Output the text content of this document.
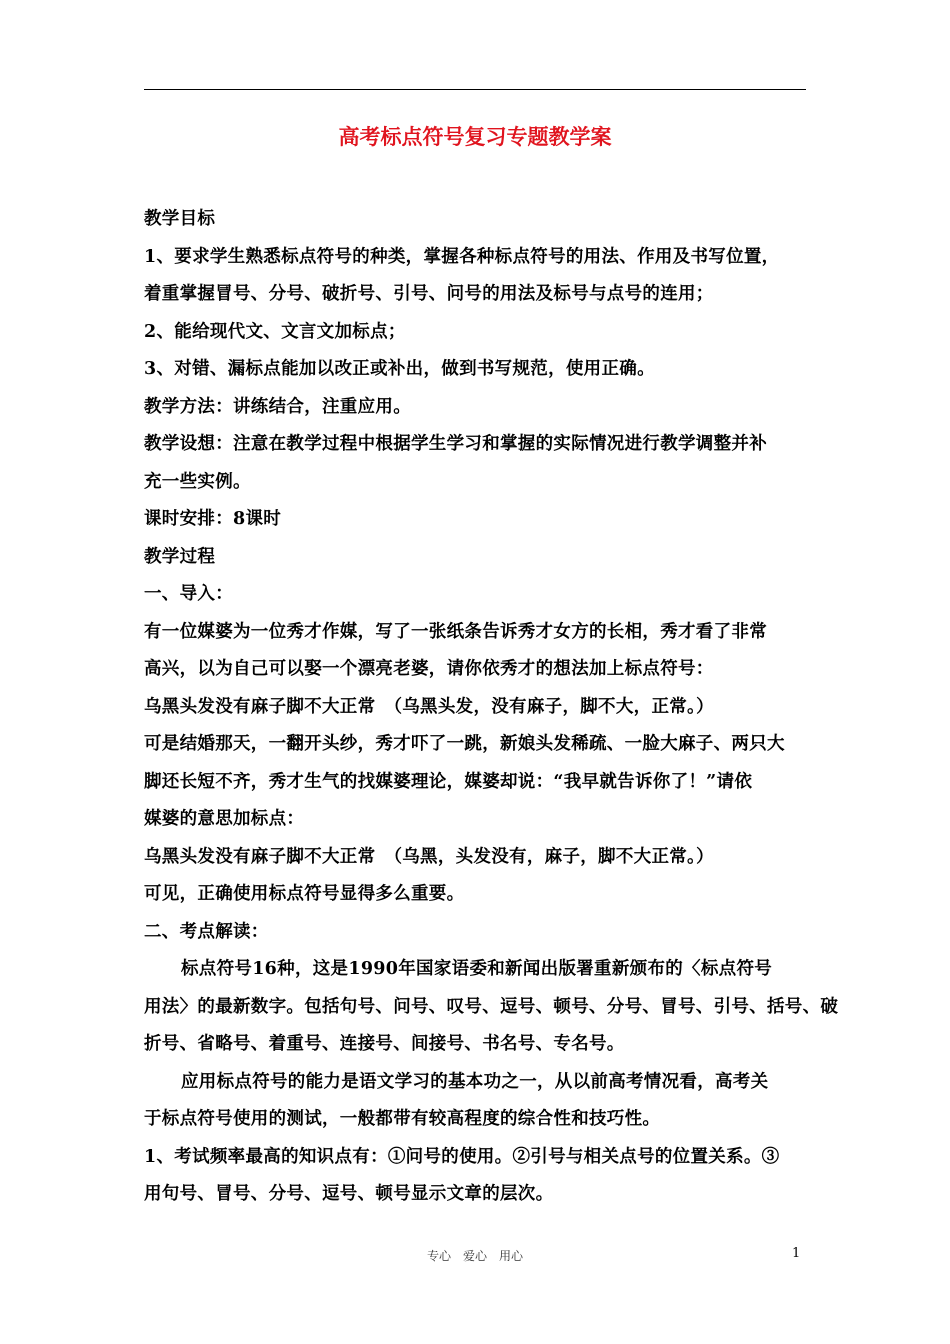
高考标点符号复习专题教学案
教学目标
1、要求学生熟悉标点符号的种类，掌握各种标点符号的用法、作用及书写位置，
着重掌握冒号、分号、破折号、引号、问号的用法及标号与点号的连用；
2、能给现代文、文言文加标点；
3、对错、漏标点能加以改正或补出，做到书写规范，使用正确。
教学方法：讲练结合，注重应用。
教学设想：注意在教学过程中根据学生学习和掌握的实际情况进行教学调整并补
充一些实例。
课时安排：8课时
教学过程
一、导入：
有一位媒婆为一位秀才作媒，写了一张纸条告诉秀才女方的长相，秀才看了非常
高兴，以为自己可以娶一个漂亮老婆，请你依秀才的想法加上标点符号：
乌黑头发没有麻子脚不大正常　（乌黑头发，没有麻子，脚不大，正常。）
可是结婚那天，一翻开头纱，秀才吓了一跳，新娘头发稀疏、一脸大麻子、两只大
脚还长短不齐，秀才生气的找媒婆理论，媒婆却说：“我早就告诉你了！”请依
媒婆的意思加标点：
乌黑头发没有麻子脚不大正常　（乌黑，头发没有，麻子，脚不大正常。）
可见，正确使用标点符号显得多么重要。
二、考点解读：
标点符号16种，这是1990年国家语委和新闻出版署重新颁布的〈标点符号
用法〉的最新数字。包括句号、问号、叹号、逗号、顿号、分号、冒号、引号、括号、破
折号、省略号、着重号、连接号、间接号、书名号、专名号。
应用标点符号的能力是语文学习的基本功之一，从以前高考情况看，高考关
于标点符号使用的测试，一般都带有较高程度的综合性和技巧性。
1、考试频率最高的知识点有：①问号的使用。②引号与相关点号的位置关系。③
用句号、冒号、分号、逗号、顿号显示文章的层次。
专心　爱心　用心	1
